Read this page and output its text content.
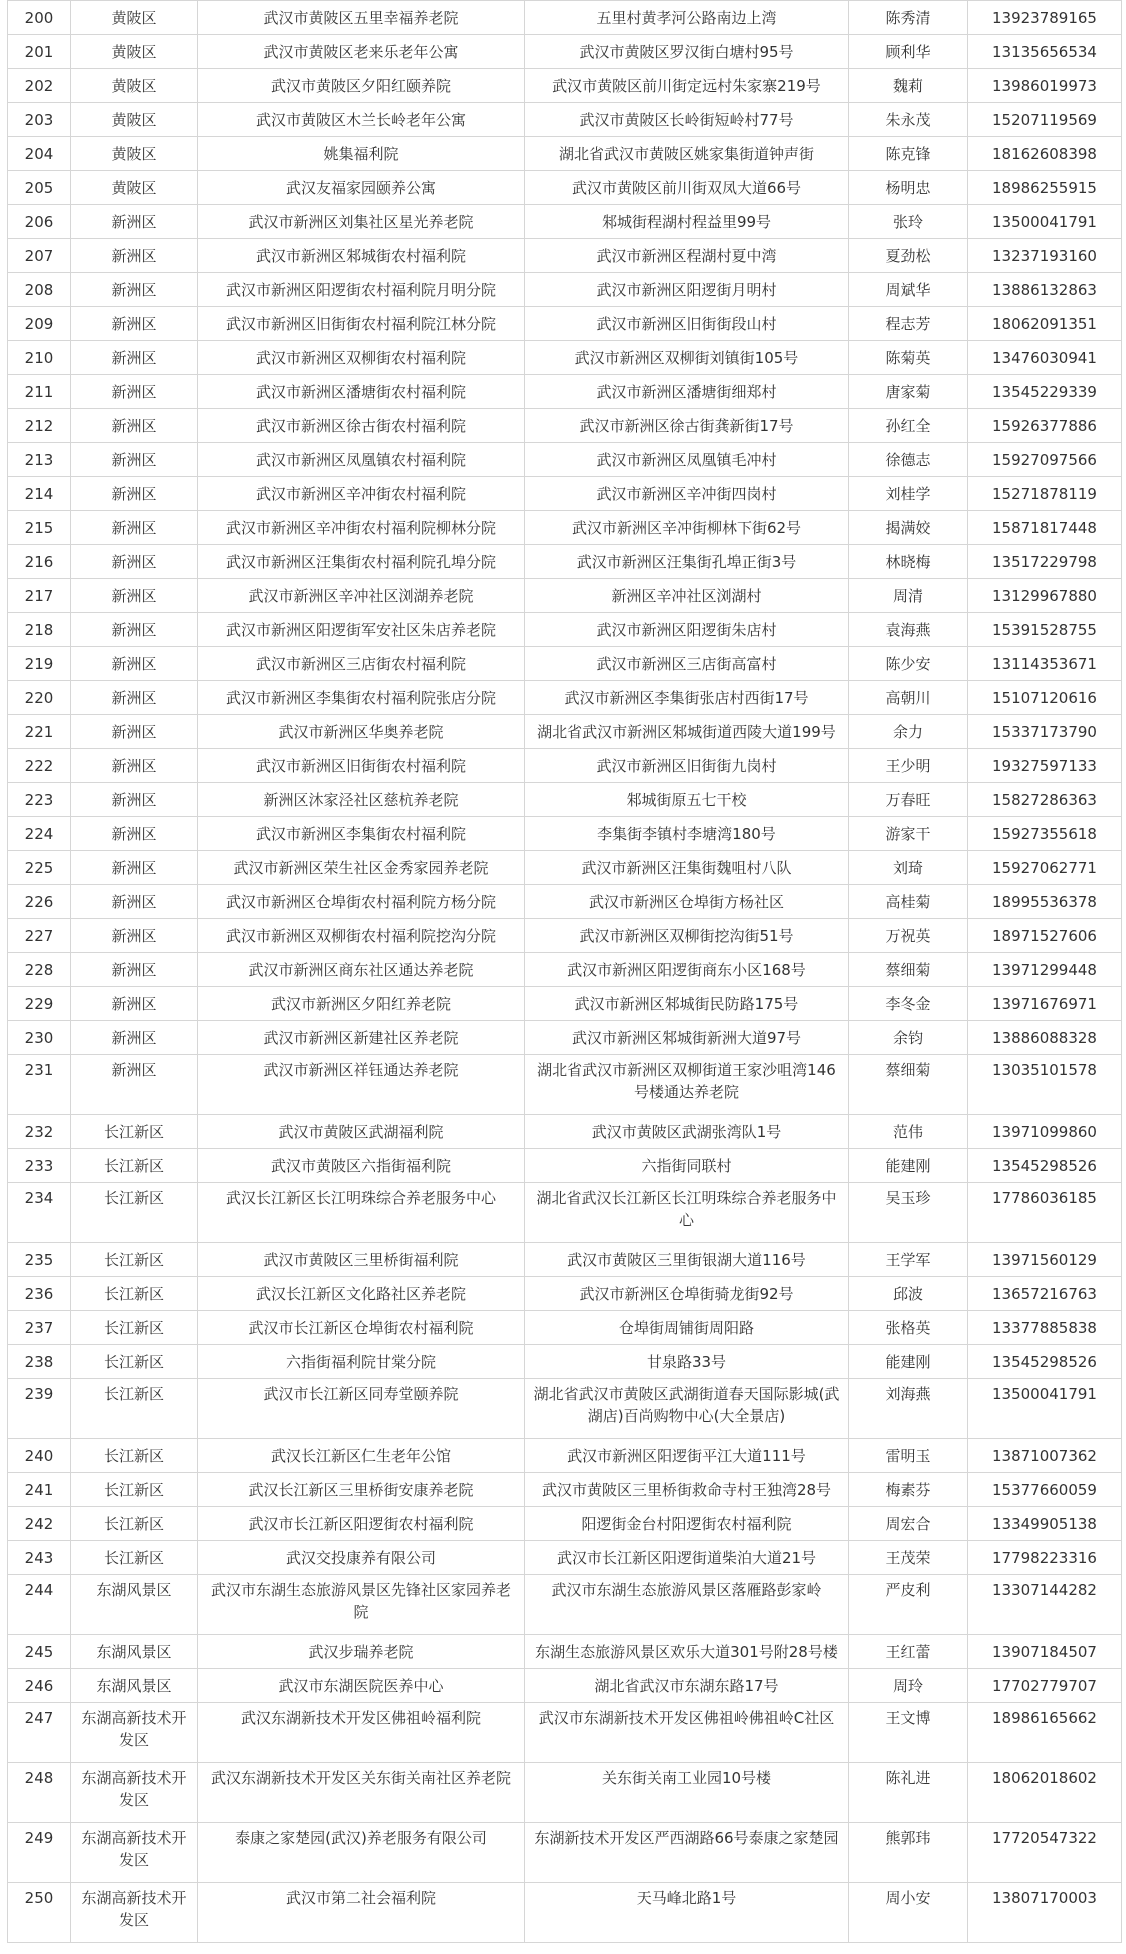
200	黄陂区	武汉市黄陂区五里幸福养老院	五里村黄孝河公路南边上湾	陈秀清	13923789165
201	黄陂区	武汉市黄陂区老来乐老年公寓	武汉市黄陂区罗汉街白塘村95号	顾利华	13135656534
202	黄陂区	武汉市黄陂区夕阳红颐养院	武汉市黄陂区前川街定远村朱家寨219号	魏莉	13986019973
203	黄陂区	武汉市黄陂区木兰长岭老年公寓	武汉市黄陂区长岭街短岭村77号	朱永茂	15207119569
204	黄陂区	姚集福利院	湖北省武汉市黄陂区姚家集街道钟声街	陈克锋	18162608398
205	黄陂区	武汉友福家园颐养公寓	武汉市黄陂区前川街双凤大道66号	杨明忠	18986255915
206	新洲区	武汉市新洲区刘集社区星光养老院	邾城街程湖村程益里99号	张玲	13500041791
207	新洲区	武汉市新洲区邾城街农村福利院	武汉市新洲区程湖村夏中湾	夏劲松	13237193160
208	新洲区	武汉市新洲区阳逻街农村福利院月明分院	武汉市新洲区阳逻街月明村	周斌华	13886132863
209	新洲区	武汉市新洲区旧街街农村福利院江林分院	武汉市新洲区旧街街段山村	程志芳	18062091351
210	新洲区	武汉市新洲区双柳街农村福利院	武汉市新洲区双柳街刘镇街105号	陈菊英	13476030941
211	新洲区	武汉市新洲区潘塘街农村福利院	武汉市新洲区潘塘街细郑村	唐家菊	13545229339
212	新洲区	武汉市新洲区徐古街农村福利院	武汉市新洲区徐古街龚新街17号	孙红全	15926377886
213	新洲区	武汉市新洲区凤凰镇农村福利院	武汉市新洲区凤凰镇毛冲村	徐德志	15927097566
214	新洲区	武汉市新洲区辛冲街农村福利院	武汉市新洲区辛冲街四岗村	刘桂学	15271878119
215	新洲区	武汉市新洲区辛冲街农村福利院柳林分院	武汉市新洲区辛冲街柳林下街62号	揭满姣	15871817448
216	新洲区	武汉市新洲区汪集街农村福利院孔埠分院	武汉市新洲区汪集街孔埠正街3号	林晓梅	13517229798
217	新洲区	武汉市新洲区辛冲社区浏湖养老院	新洲区辛冲社区浏湖村	周清	13129967880
218	新洲区	武汉市新洲区阳逻街军安社区朱店养老院	武汉市新洲区阳逻街朱店村	袁海燕	15391528755
219	新洲区	武汉市新洲区三店街农村福利院	武汉市新洲区三店街高富村	陈少安	13114353671
220	新洲区	武汉市新洲区李集街农村福利院张店分院	武汉市新洲区李集街张店村西街17号	高朝川	15107120616
221	新洲区	武汉市新洲区华奥养老院	湖北省武汉市新洲区邾城街道西陵大道199号	余力	15337173790
222	新洲区	武汉市新洲区旧街街农村福利院	武汉市新洲区旧街街九岗村	王少明	19327597133
223	新洲区	新洲区沐家泾社区慈杭养老院	邾城街原五七干校	万春旺	15827286363
224	新洲区	武汉市新洲区李集街农村福利院	李集街李镇村李塘湾180号	游家干	15927355618
225	新洲区	武汉市新洲区荣生社区金秀家园养老院	武汉市新洲区汪集街魏咀村八队	刘琦	15927062771
226	新洲区	武汉市新洲区仓埠街农村福利院方杨分院	武汉市新洲区仓埠街方杨社区	高桂菊	18995536378
227	新洲区	武汉市新洲区双柳街农村福利院挖沟分院	武汉市新洲区双柳街挖沟街51号	万祝英	18971527606
228	新洲区	武汉市新洲区商东社区通达养老院	武汉市新洲区阳逻街商东小区168号	蔡细菊	13971299448
229	新洲区	武汉市新洲区夕阳红养老院	武汉市新洲区邾城街民防路175号	李冬金	13971676971
230	新洲区	武汉市新洲区新建社区养老院	武汉市新洲区邾城街新洲大道97号	余钧	13886088328
231	新洲区	武汉市新洲区祥钰通达养老院	湖北省武汉市新洲区双柳街道王家沙咀湾146号楼通达养老院	蔡细菊	13035101578
232	长江新区	武汉市黄陂区武湖福利院	武汉市黄陂区武湖张湾队1号	范伟	13971099860
233	长江新区	武汉市黄陂区六指街福利院	六指街同联村	能建刚	13545298526
234	长江新区	武汉长江新区长江明珠综合养老服务中心	湖北省武汉长江新区长江明珠综合养老服务中心	吴玉珍	17786036185
235	长江新区	武汉市黄陂区三里桥街福利院	武汉市黄陂区三里街银湖大道116号	王学军	13971560129
236	长江新区	武汉长江新区文化路社区养老院	武汉市新洲区仓埠街骑龙街92号	邱波	13657216763
237	长江新区	武汉市长江新区仓埠街农村福利院	仓埠街周铺街周阳路	张格英	13377885838
238	长江新区	六指街福利院甘棠分院	甘泉路33号	能建刚	13545298526
239	长江新区	武汉市长江新区同寿堂颐养院	湖北省武汉市黄陂区武湖街道春天国际影城(武湖店)百尚购物中心(大全景店)	刘海燕	13500041791
240	长江新区	武汉长江新区仁生老年公馆	武汉市新洲区阳逻街平江大道111号	雷明玉	13871007362
241	长江新区	武汉长江新区三里桥街安康养老院	武汉市黄陂区三里桥街救命寺村王独湾28号	梅素芬	15377660059
242	长江新区	武汉市长江新区阳逻街农村福利院	阳逻街金台村阳逻街农村福利院	周宏合	13349905138
243	长江新区	武汉交投康养有限公司	武汉市长江新区阳逻街道柴泊大道21号	王茂荣	17798223316
244	东湖风景区	武汉市东湖生态旅游风景区先锋社区家园养老院	武汉市东湖生态旅游风景区落雁路彭家岭	严皮利	13307144282
245	东湖风景区	武汉步瑞养老院	东湖生态旅游风景区欢乐大道301号附28号楼	王红蕾	13907184507
246	东湖风景区	武汉市东湖医院医养中心	湖北省武汉市东湖东路17号	周玲	17702779707
247	东湖高新技术开发区	武汉东湖新技术开发区佛祖岭福利院	武汉市东湖新技术开发区佛祖岭佛祖岭C社区	王文博	18986165662
248	东湖高新技术开发区	武汉东湖新技术开发区关东街关南社区养老院	关东街关南工业园10号楼	陈礼进	18062018602
249	东湖高新技术开发区	泰康之家楚园(武汉)养老服务有限公司	东湖新技术开发区严西湖路66号泰康之家楚园	熊郭玮	17720547322
250	东湖高新技术开发区	武汉市第二社会福利院	天马峰北路1号	周小安	13807170003
